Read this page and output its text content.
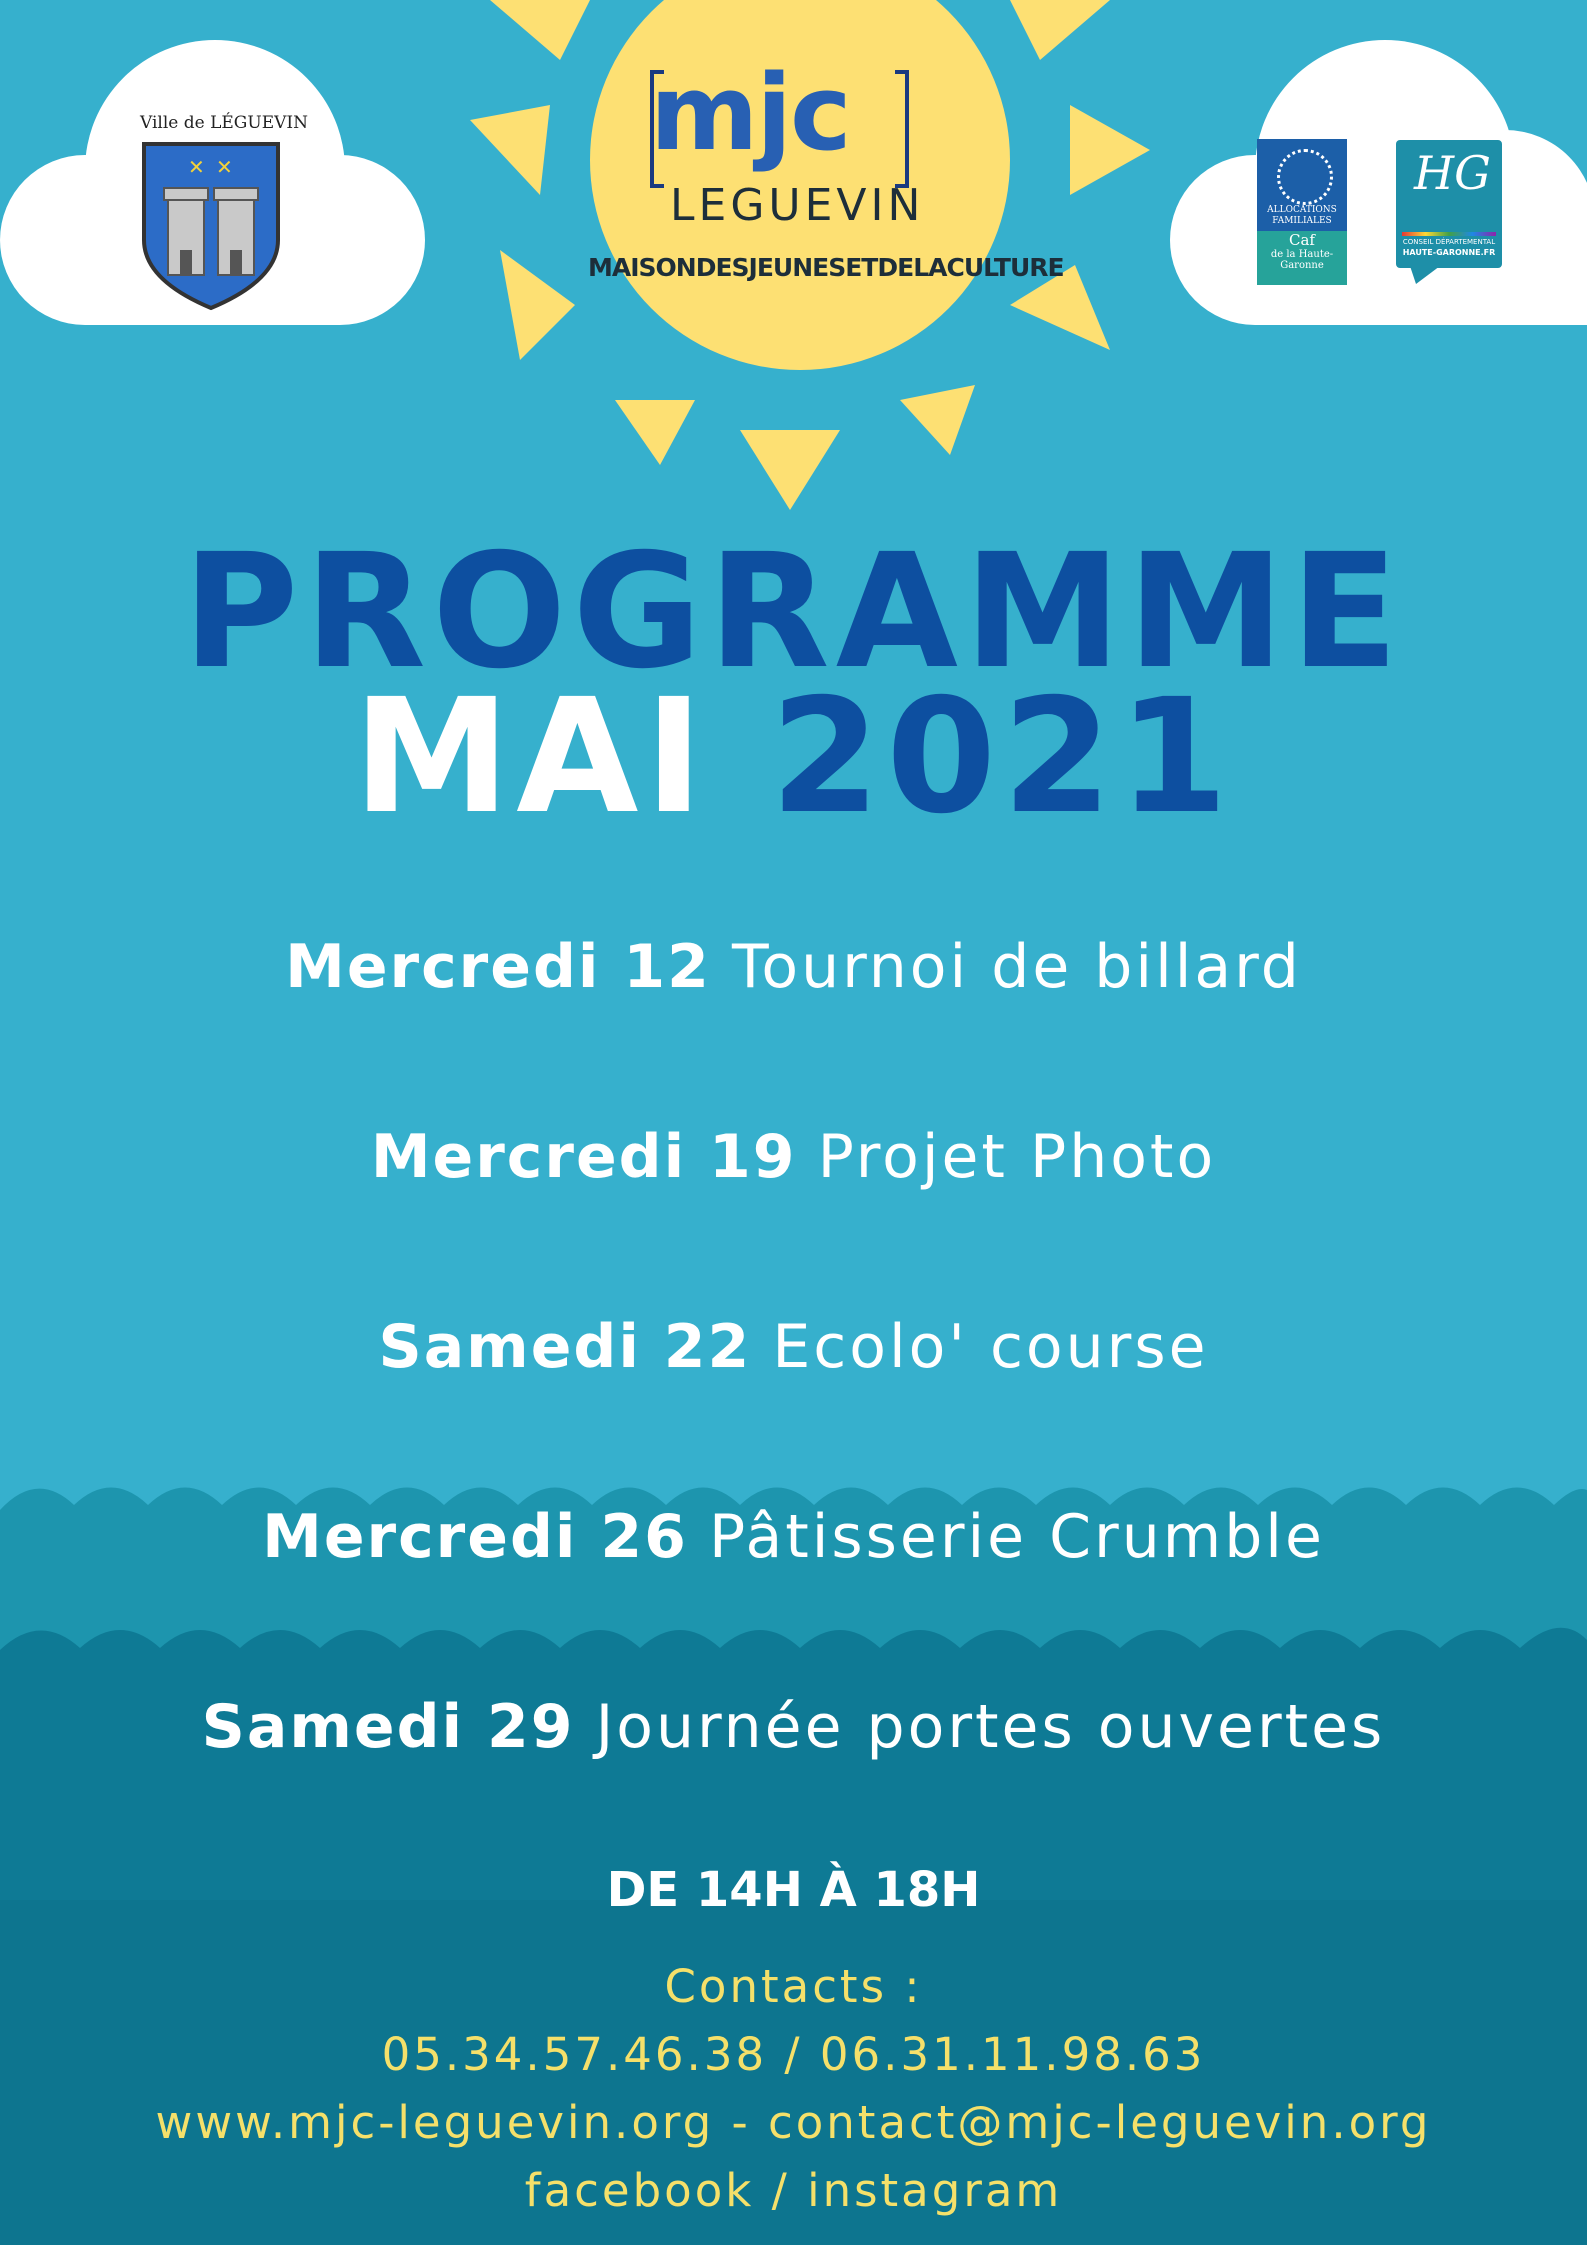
mjc
LEGUEVIN
MAISONDESJEUNESETDELACULTURE
Ville de LÉGUEVIN
✕ ✕
ALLOCATIONS
FAMILIALES
Caf
de la Haute-
Garonne
HG
CONSEIL DÉPARTEMENTAL
HAUTE-GARONNE.FR
PROGRAMME
MAI 2021
Mercredi 12 Tournoi de billard
Mercredi 19 Projet Photo
Samedi 22 Ecolo' course
Mercredi 26 Pâtisserie Crumble
Samedi 29 Journée portes ouvertes
DE 14H À 18H
Contacts :
05.34.57.46.38 / 06.31.11.98.63
www.mjc-leguevin.org - contact@mjc-leguevin.org
facebook / instagram
